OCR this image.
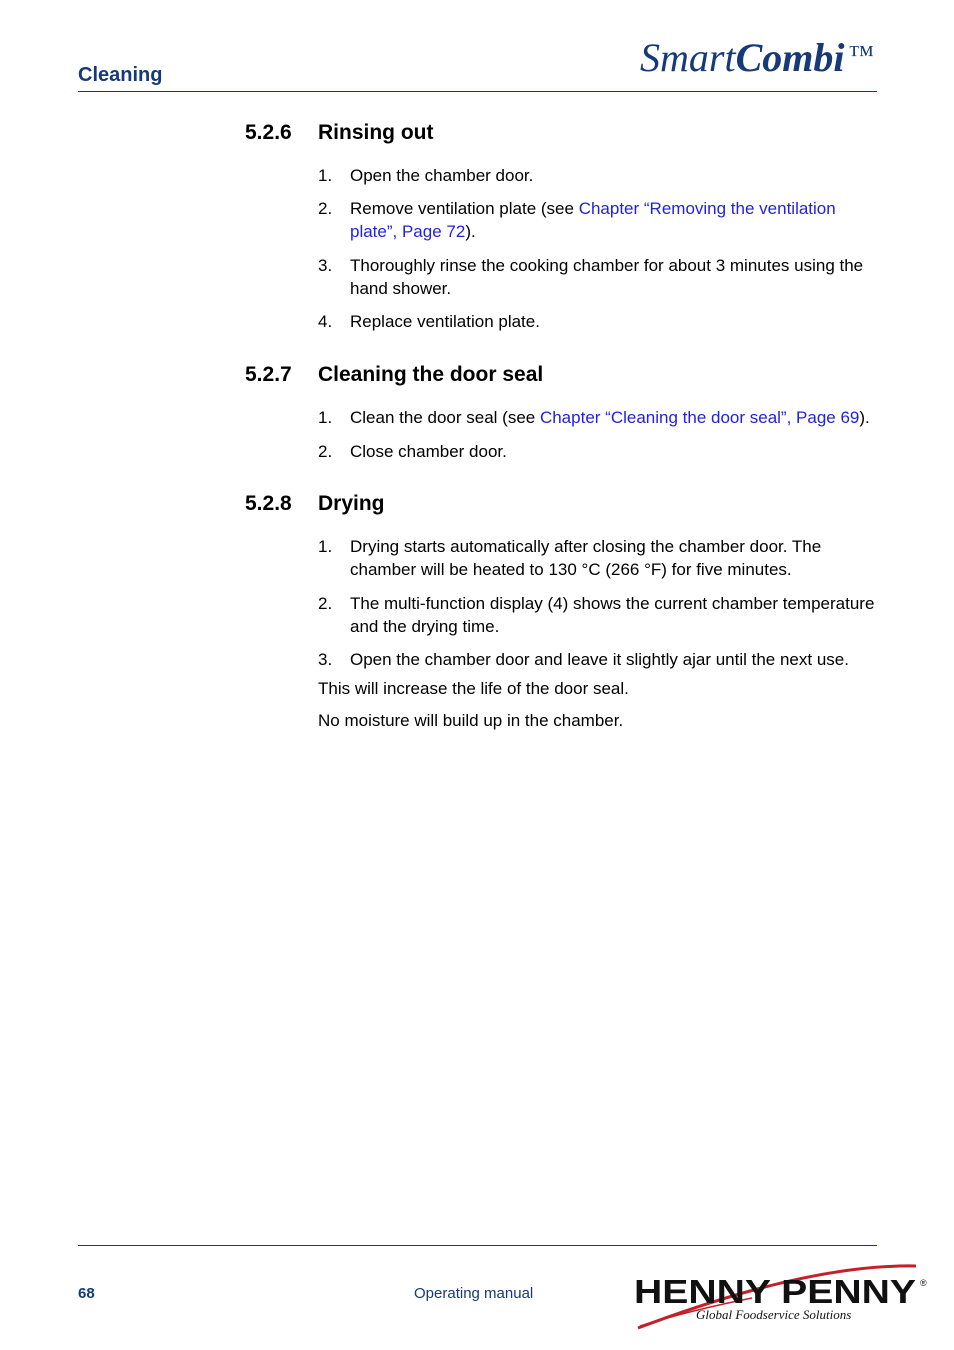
Cleaning	SmartCombi ™
5.2.6 Rinsing out
1. Open the chamber door.
2. Remove ventilation plate (see Chapter “Removing the ventilation plate”, Page 72).
3. Thoroughly rinse the cooking chamber for about 3 minutes using the hand shower.
4. Replace ventilation plate.
5.2.7 Cleaning the door seal
1. Clean the door seal (see Chapter “Cleaning the door seal”, Page 69).
2. Close chamber door.
5.2.8 Drying
1. Drying starts automatically after closing the chamber door. The chamber will be heated to 130 °C (266 °F) for five minutes.
2. The multi-function display (4) shows the current chamber temperature and the drying time.
3. Open the chamber door and leave it slightly ajar until the next use.
This will increase the life of the door seal.
No moisture will build up in the chamber.
68	Operating manual	HENNY PENNY ®
Global Foodservice Solutions
